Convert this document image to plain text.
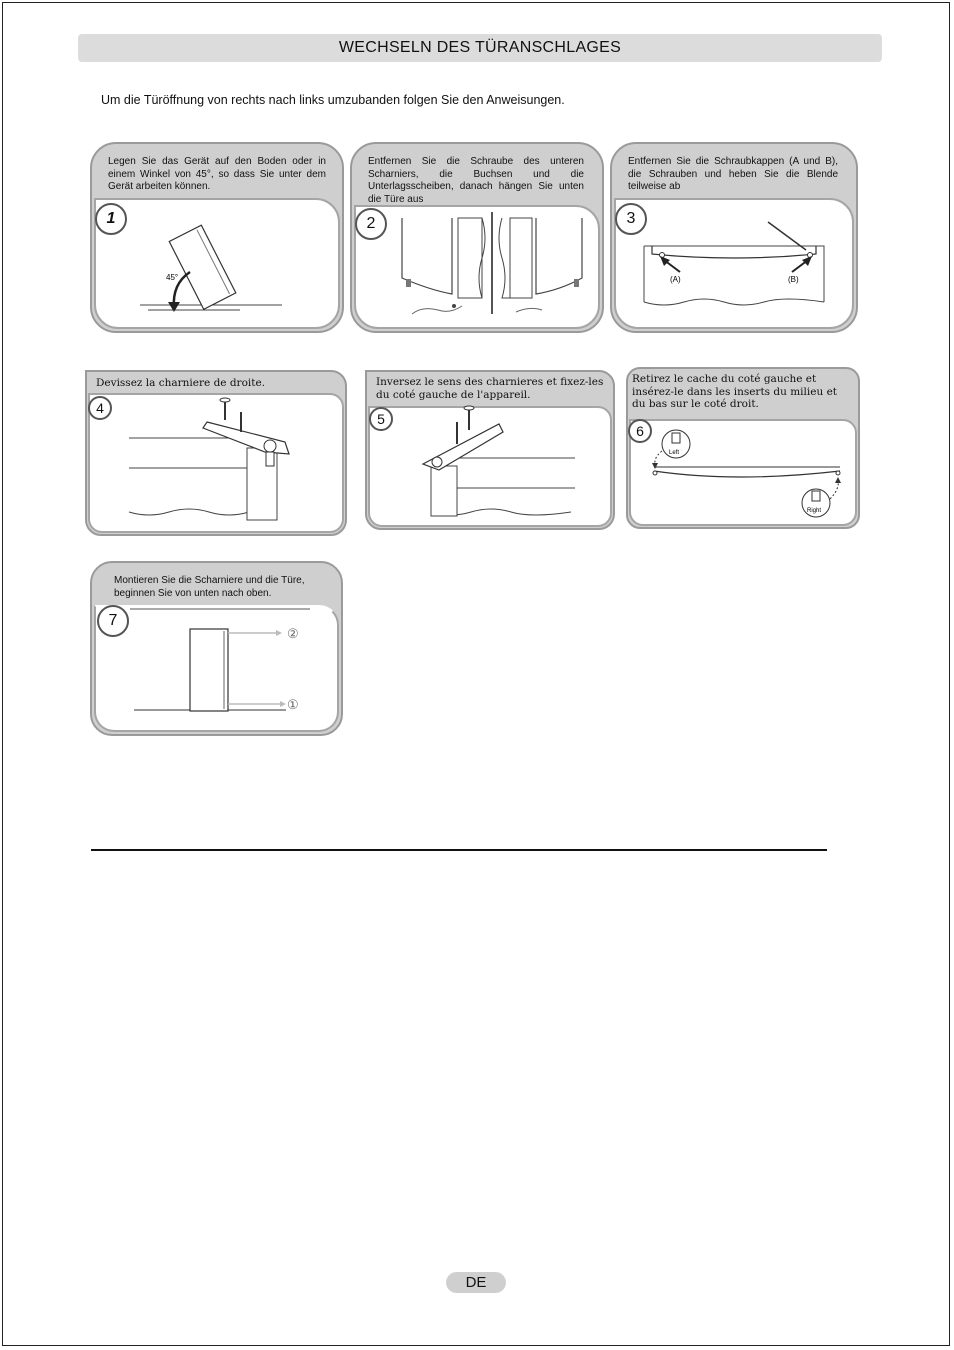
WECHSELN DES TÜRANSCHLAGES
Um die Türöffnung von rechts nach links umzubanden folgen Sie den Anweisungen.
Legen Sie das Gerät auf den Boden oder in einem Winkel von 45°, so dass Sie unter dem Gerät arbeiten können.
1
45°
Entfernen Sie die Schraube des unteren Scharniers, die Buchsen und die Unterlagsscheiben, danach hängen Sie unten die Türe aus
2
Entfernen Sie die Schraubkappen (A und B), die Schrauben und heben Sie die Blende teilweise ab
3
(A)	(B)
Devissez la charniere de droite.
4
Inversez le sens des charnieres et fixez-les du coté gauche de l'appareil.
5
Retirez le cache du coté gauche et insérez-le dans les inserts du milieu et du bas sur le coté droit.
6
Left
Right
Montieren Sie die Scharniere und die Türe, beginnen Sie von unten nach oben.
7
②
①
DE
